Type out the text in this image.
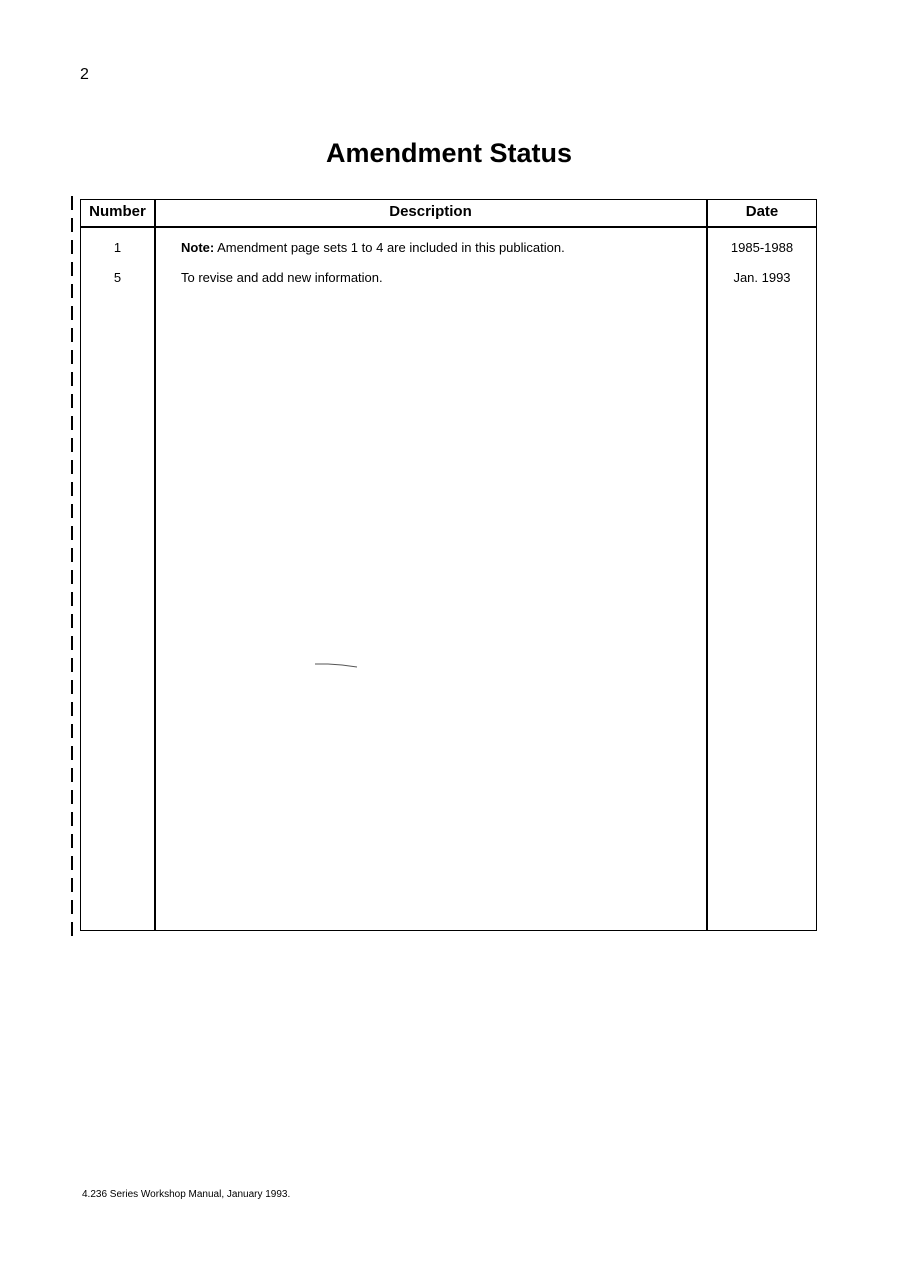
2
Amendment Status
Number	Description	Date
1	Note: Amendment page sets 1 to 4 are included in this publication.	1985-1988
5	To revise and add new information.	Jan. 1993
4.236 Series Workshop Manual, January 1993.
